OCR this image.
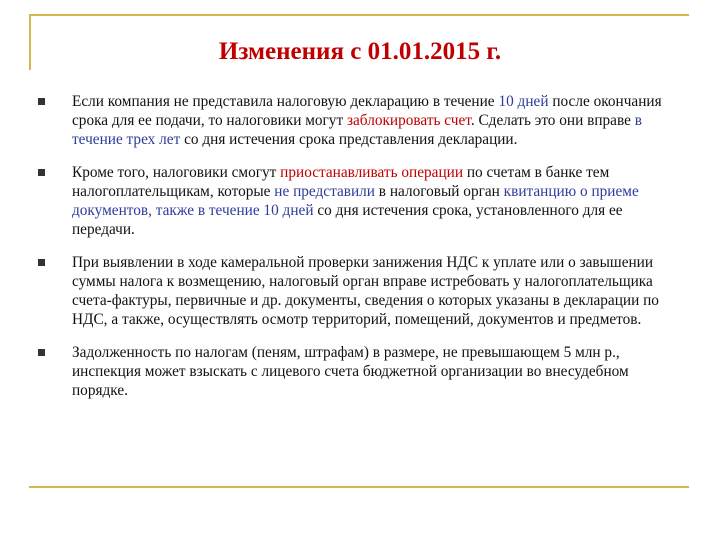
Изменения с 01.01.2015 г.
Если компания не представила налоговую декларацию в течение 10 дней после окончания срока для ее подачи, то налоговики могут заблокировать счет. Сделать это они вправе в течение трех лет со дня истечения срока представления декларации.
Кроме того, налоговики смогут приостанавливать операции по счетам в банке тем налогоплательщикам, которые не представили в налоговый орган квитанцию о приеме документов, также в течение 10 дней со дня истечения срока, установленного для ее передачи.
При выявлении в ходе камеральной проверки занижения НДС к уплате или о завышении суммы налога к возмещению, налоговый орган вправе истребовать у налогоплательщика счета-фактуры, первичные и др. документы, сведения о которых указаны в декларации по НДС, а также, осуществлять осмотр территорий, помещений, документов и предметов.
Задолженность по налогам (пеням, штрафам) в размере, не превышающем 5 млн р., инспекция может взыскать с лицевого счета бюджетной организации во внесудебном порядке.
